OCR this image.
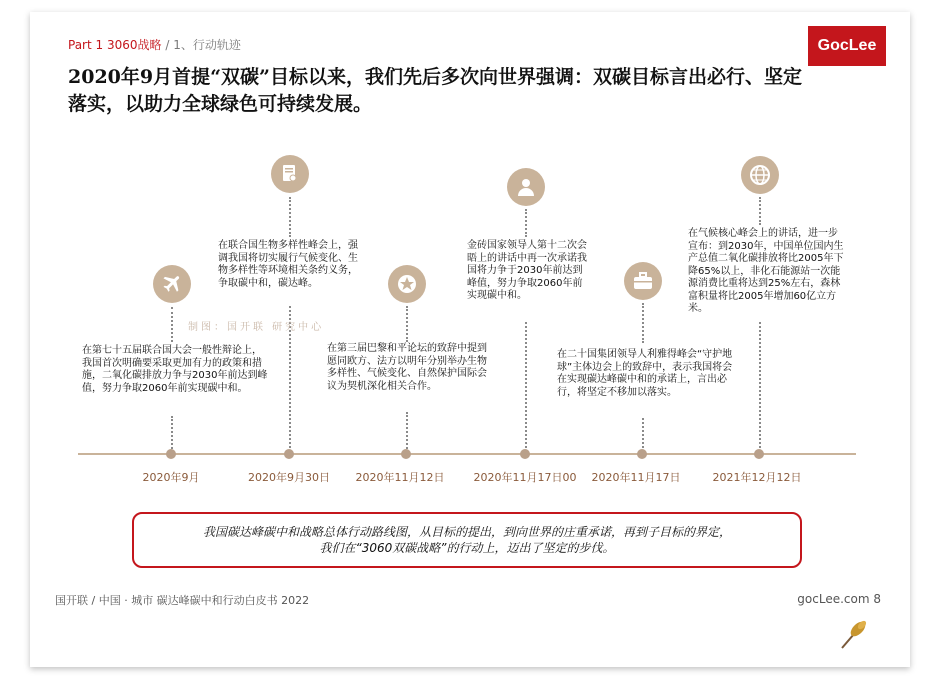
Part 1 3060战略 / 1、行动轨迹	GocLee
2020年9月首提“双碳”目标以来，我们先后多次向世界强调：双碳目标言出必行、坚定落实，以助力全球绿色可持续发展。
在第七十五届联合国大会一般性辩论上，我国首次明确要采取更加有力的政策和措施，二氧化碳排放力争与2030年前达到峰值，努力争取2060年前实现碳中和。
在联合国生物多样性峰会上，强调我国将切实履行气候变化、生物多样性等环境相关条约义务，争取碳中和，碳达峰。
在第三届巴黎和平论坛的致辞中提到愿同欧方、法方以明年分别举办生物多样性、气候变化、自然保护国际会议为契机深化相关合作。
金砖国家领导人第十二次会晤上的讲话中再一次承诺我国将力争于2030年前达到峰值，努力争取2060年前实现碳中和。
在二十国集团领导人利雅得峰会“守护地球”主体边会上的致辞中，表示我国将会在实现碳达峰碳中和的承诺上，言出必行，将坚定不移加以落实。
在气候核心峰会上的讲话，进一步宣布：到2030年，中国单位国内生产总值二氧化碳排放将比2005年下降65%以上，非化石能源站一次能源消费比重将达到25%左右，森林富积量将比2005年增加60亿立方米。
制图：国开联 研究中心
2020年9月	2020年9月30日 2020年11月12日	2020年11月17日00 2020年11月17日	2021年12月12日
我国碳达峰碳中和战略总体行动路线图，从目标的提出，到向世界的庄重承诺，再到子目标的界定，
我们在“3060双碳战略”的行动上，迈出了坚定的步伐。
国开联 / 中国 · 城市 碳达峰碳中和行动白皮书 2022	gocLee.com 8
